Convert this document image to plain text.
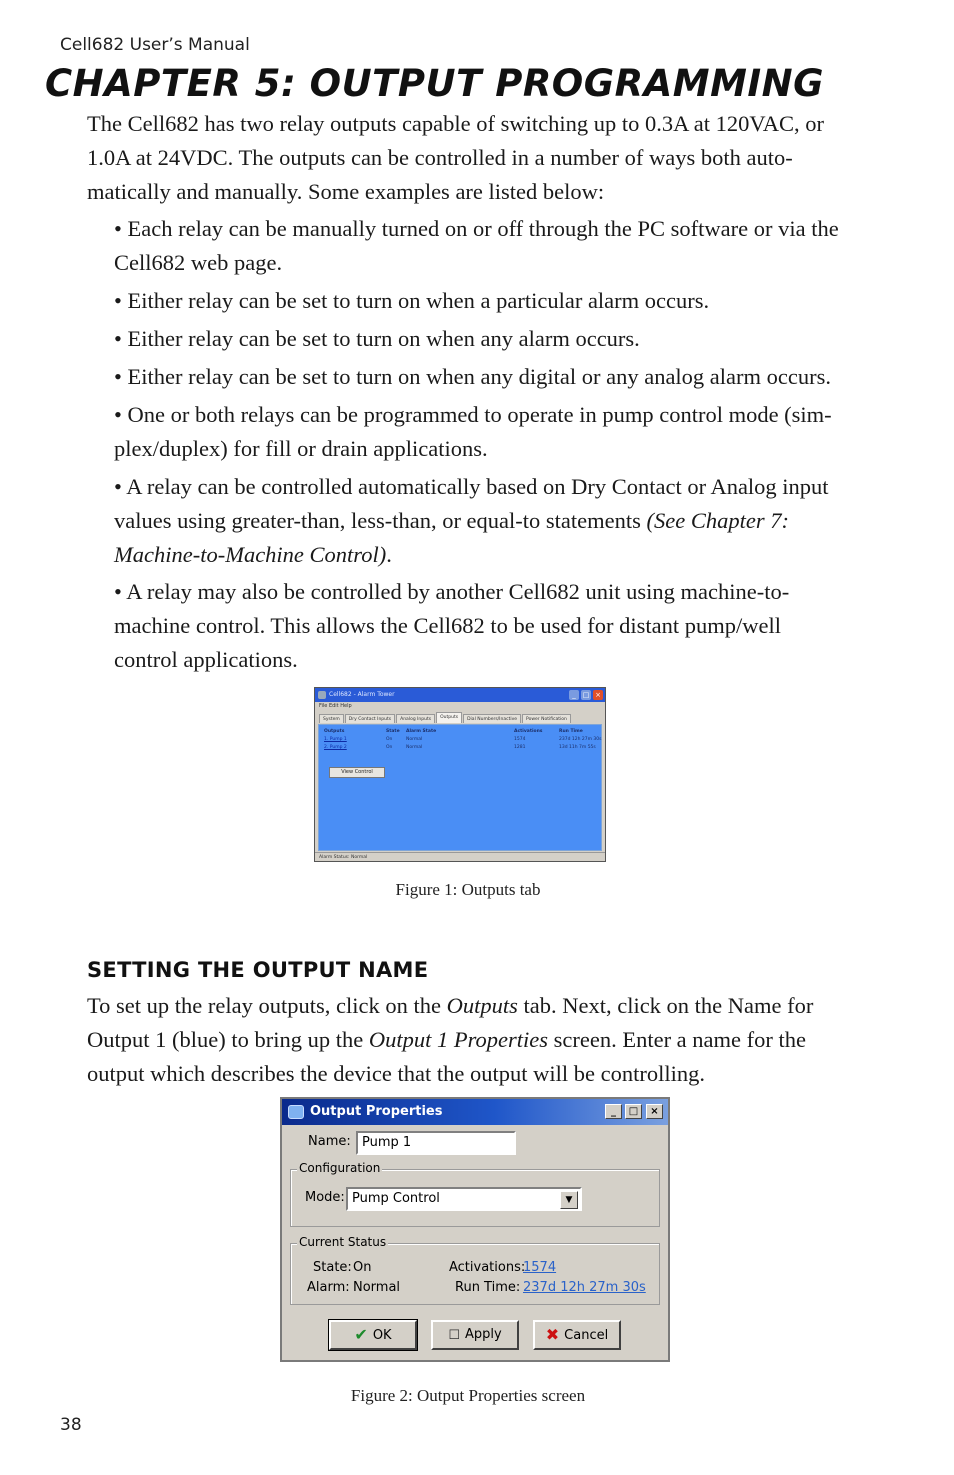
Cell682 User’s Manual
CHAPTER 5: OUTPUT PROGRAMMING
The Cell682 has two relay outputs capable of switching up to 0.3A at 120VAC, or
1.0A at 24VDC. The outputs can be controlled in a number of ways both auto-
matically and manually. Some examples are listed below:
• Each relay can be manually turned on or off through the PC software or via the
Cell682 web page.
• Either relay can be set to turn on when a particular alarm occurs.
• Either relay can be set to turn on when any alarm occurs.
• Either relay can be set to turn on when any digital or any analog alarm occurs.
• One or both relays can be programmed to operate in pump control mode (sim-
plex/duplex) for fill or drain applications.
• A relay can be controlled automatically based on Dry Contact or Analog input
values using greater-than, less-than, or equal-to statements (See Chapter 7:
Machine-to-Machine Control).
• A relay may also be controlled by another Cell682 unit using machine-to-
machine control. This allows the Cell682 to be used for distant pump/well
control applications.
Cell682 - Alarm Tower	_ □ ×
File Edit Help
System	Dry Contact Inputs	Analog Inputs	Outputs	Dial Numbers/Inactive	Power Notification
Outputs	State Alarm State	Activations	Run Time
1. Pump 1	On	Normal	1574	237d 12h 27m 30s
2. Pump 2	On	Normal	1281	13d 11h 7m 55s
View Control
Alarm Status: Normal
Figure 1: Outputs tab
SETTING THE OUTPUT NAME
To set up the relay outputs, click on the Outputs tab. Next, click on the Name for
Output 1 (blue) to bring up the Output 1 Properties screen. Enter a name for the
output which describes the device that the output will be controlling.
Output Properties	_	□	×
Name: Pump 1
Configuration
Mode: Pump Control	▼
Current Status
State: On
Alarm: Normal
Activations:
1574
Run Time: 237d 12h 27m 30s
✔ OK	☐ Apply	✖ Cancel
Figure 2: Output Properties screen
38
